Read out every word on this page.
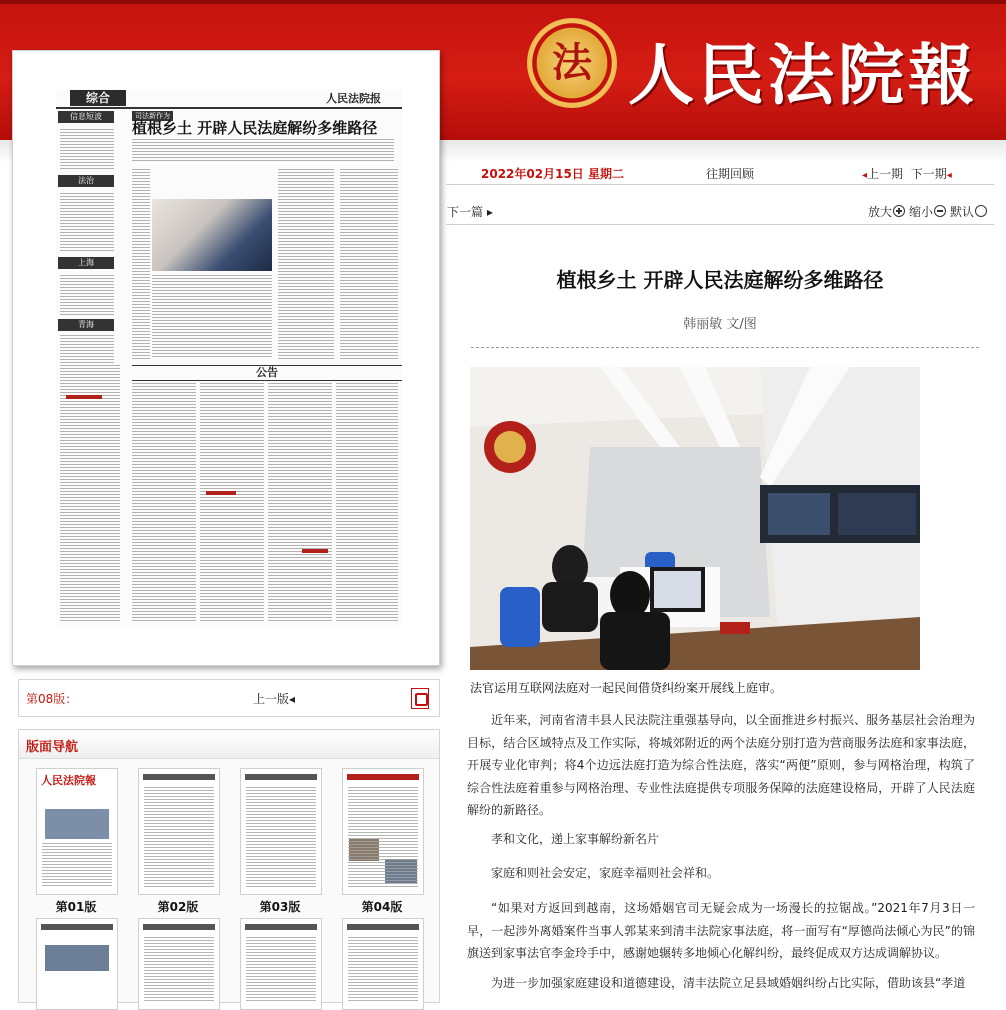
法 人民法院報
综合	人民法院报
信息短波
法治
上海
青海
司法新作为
植根乡土 开辟人民法庭解纷多维路径
公告
第08版：	上一版◂
版面导航
人民法院報
第01版	第02版	第03版	第04版
2022年02月15日 星期二	往期回顾	◂上一期 下一期◂
下一篇 ▸	放大 缩小 默认
植根乡土 开辟人民法庭解纷多维路径
韩丽敏 文/图
法官运用互联网法庭对一起民间借贷纠纷案开展线上庭审。

近年来，河南省清丰县人民法院注重强基导向，以全面推进乡村振兴、服务基层社会治理为目标，结合区域特点及工作实际，将城郊附近的两个法庭分别打造为营商服务法庭和家事法庭，开展专业化审判；将4个边远法庭打造为综合性法庭，落实“两便”原则，参与网格治理，构筑了综合性法庭着重参与网格治理、专业性法庭提供专项服务保障的法庭建设格局，开辟了人民法庭解纷的新路径。

孝和文化，递上家事解纷新名片

家庭和则社会安定，家庭幸福则社会祥和。

“如果对方返回到越南，这场婚姻官司无疑会成为一场漫长的拉锯战。”2021年7月3日一早，一起涉外离婚案件当事人郭某来到清丰法院家事法庭，将一面写有“厚德尚法倾心为民”的锦旗送到家事法官李金玲手中，感谢她辗转多地倾心化解纠纷，最终促成双方达成调解协议。

为进一步加强家庭建设和道德建设，清丰法院立足县域婚姻纠纷占比实际，借助该县“孝道
